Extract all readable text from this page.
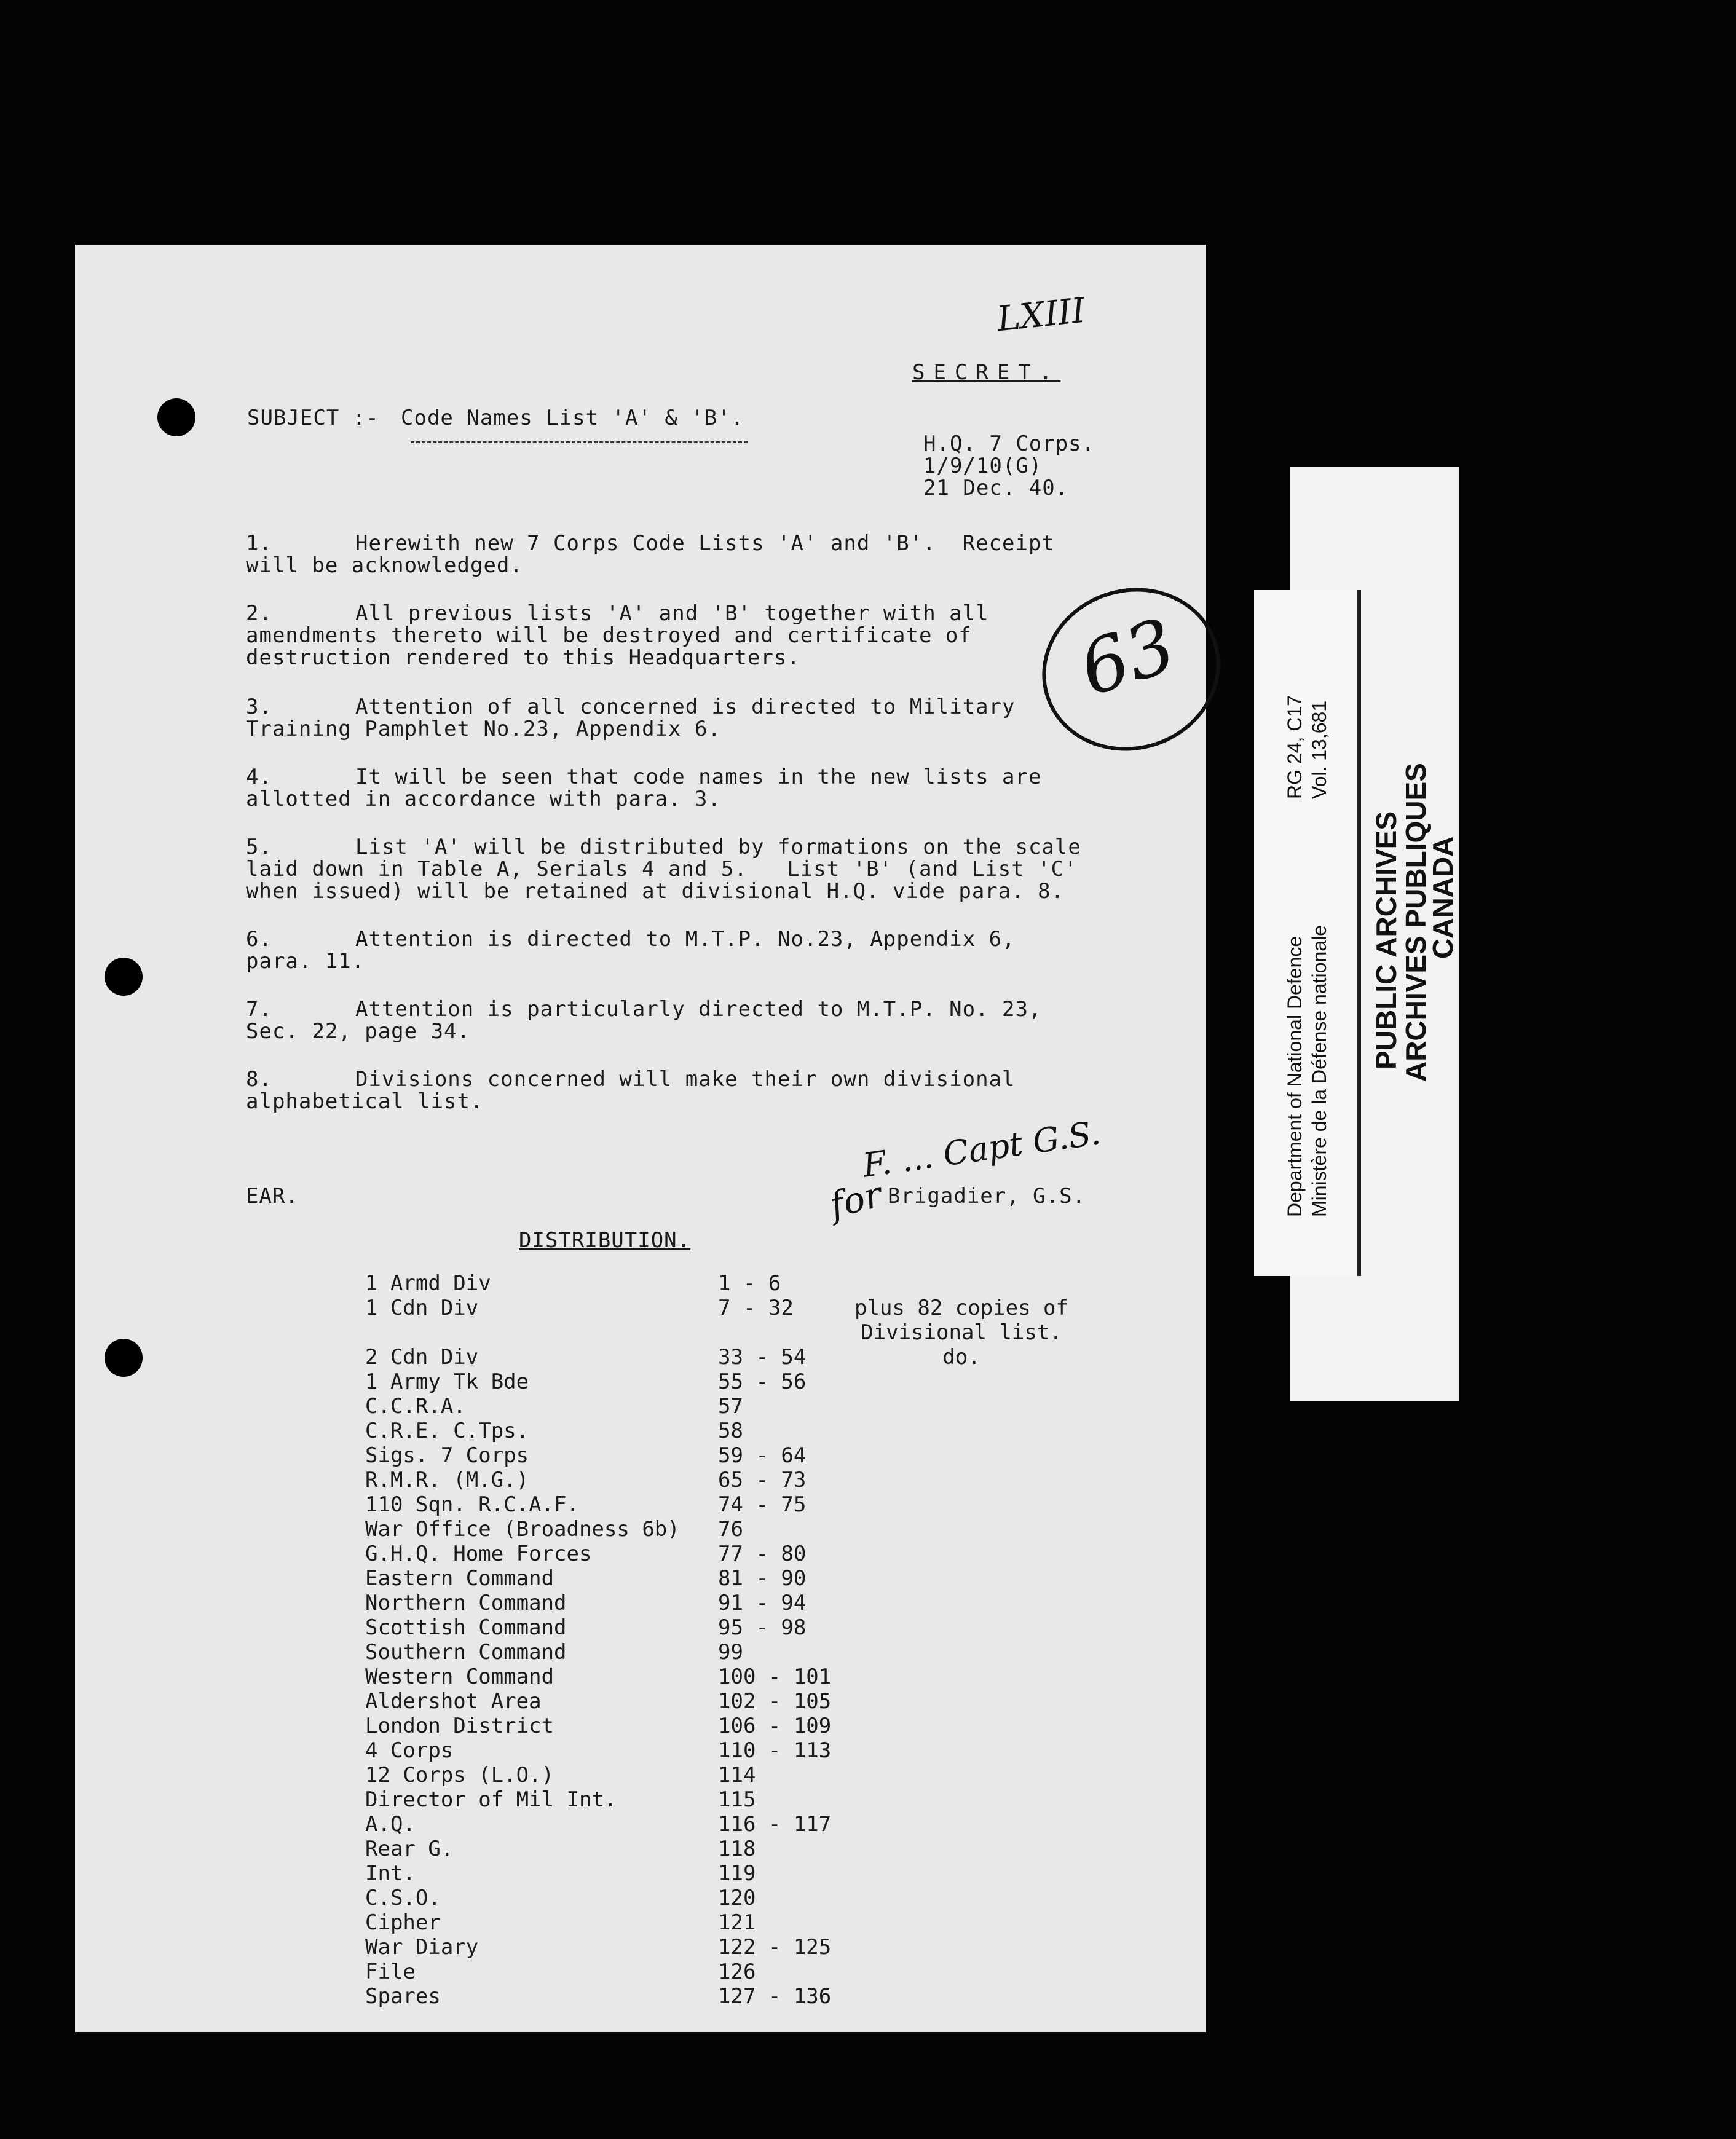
LXIII
SECRET.
SUBJECT :- Code Names List 'A' & 'B'.
H.Q. 7 Corps.
1/9/10(G)
21 Dec. 40.
63
1.	Herewith new 7 Corps Code Lists 'A' and 'B'.  Receipt
will be acknowledged.
2.	All previous lists 'A' and 'B' together with all
amendments thereto will be destroyed and certificate of
destruction rendered to this Headquarters.
3.	Attention of all concerned is directed to Military
Training Pamphlet No.23, Appendix 6.
4.	It will be seen that code names in the new lists are
allotted in accordance with para. 3.
5.	List 'A' will be distributed by formations on the scale
laid down in Table A, Serials 4 and 5.   List 'B' (and List 'C'
when issued) will be retained at divisional H.Q. vide para. 8.
6.	Attention is directed to M.T.P. No.23, Appendix 6,
para. 11.
7.	Attention is particularly directed to M.T.P. No. 23,
Sec. 22, page 34.
8.	Divisions concerned will make their own divisional
alphabetical list.
F. ... Capt G.S.
for Brigadier, G.S.
EAR.
DISTRIBUTION.
1 Armd Div	1 - 6	
1 Cdn Div	7 - 32	plus 82 copies of
		Divisional list.
2 Cdn Div	33 - 54	do.
1 Army Tk Bde	55 - 56	
C.C.R.A.	57	
C.R.E. C.Tps.	58	
Sigs. 7 Corps	59 - 64	
R.M.R. (M.G.)	65 - 73	
110 Sqn. R.C.A.F.	74 - 75	
War Office (Broadness 6b)	76	
G.H.Q. Home Forces	77 - 80	
Eastern Command	81 - 90	
Northern Command	91 - 94	
Scottish Command	95 - 98	
Southern Command	99	
Western Command	100 - 101	
Aldershot Area	102 - 105	
London District	106 - 109	
4 Corps	110 - 113	
12 Corps (L.O.)	114	
Director of Mil Int.	115	
A.Q.	116 - 117	
Rear G.	118	
Int.	119	
C.S.O.	120	
Cipher	121	
War Diary	122 - 125	
File	126	
Spares	127 - 136	
PUBLIC ARCHIVES
ARCHIVES PUBLIQUES
CANADA
Department of National Defence Ministère de la Défense nationale
RG 24, C17 Vol. 13,681
